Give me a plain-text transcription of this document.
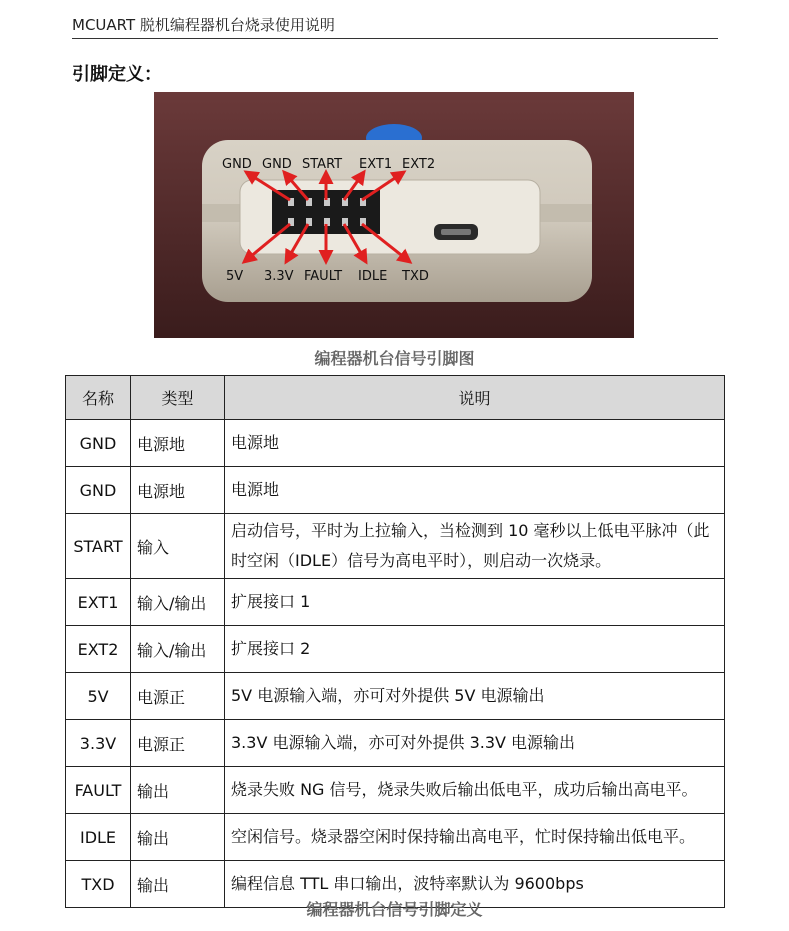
MCUART 脱机编程器机台烧录使用说明
引脚定义：
GND GND START EXT1 EXT2
5V 3.3V FAULT IDLE TXD
编程器机台信号引脚图
名称	类型	说明
GND	电源地	电源地
GND	电源地	电源地
START	输入	启动信号，平时为上拉输入，当检测到 10 毫秒以上低电平脉冲（此时空闲（IDLE）信号为高电平时），则启动一次烧录。
EXT1	输入/输出	扩展接口 1
EXT2	输入/输出	扩展接口 2
5V	电源正	5V 电源输入端，亦可对外提供 5V 电源输出
3.3V	电源正	3.3V 电源输入端，亦可对外提供 3.3V 电源输出
FAULT	输出	烧录失败 NG 信号，烧录失败后输出低电平，成功后输出高电平。
IDLE	输出	空闲信号。烧录器空闲时保持输出高电平，忙时保持输出低电平。
TXD	输出	编程信息 TTL 串口输出，波特率默认为 9600bps
编程器机台信号引脚定义
